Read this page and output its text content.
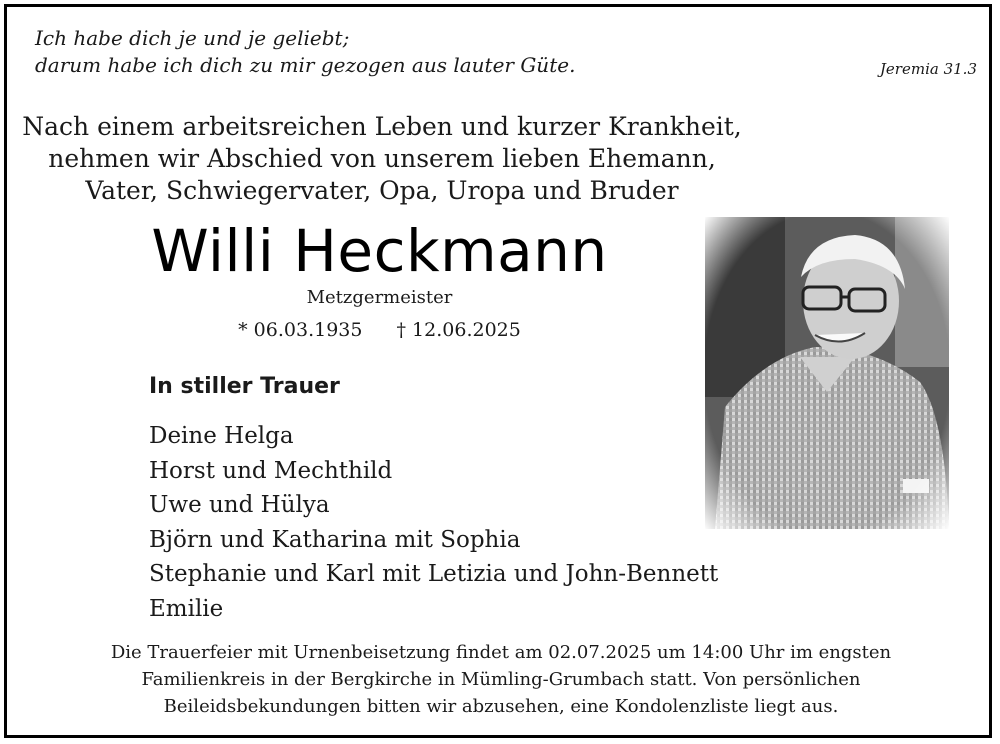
Ich habe dich je und je geliebt;
darum habe ich dich zu mir gezogen aus lauter Güte.	Jeremia 31.3
Nach einem arbeitsreichen Leben und kurzer Krankheit,
nehmen wir Abschied von unserem lieben Ehemann,
Vater, Schwiegervater, Opa, Uropa und Bruder
Willi Heckmann
Metzgermeister
* 06.03.1935 † 12.06.2025
In stiller Trauer
Deine Helga
Horst und Mechthild
Uwe und Hülya
Björn und Katharina mit Sophia
Stephanie und Karl mit Letizia und John-Bennett
Emilie
Die Trauerfeier mit Urnenbeisetzung findet am 02.07.2025 um 14:00 Uhr im engsten
Familienkreis in der Bergkirche in Mümling-Grumbach statt. Von persönlichen
Beileidsbekundungen bitten wir abzusehen, eine Kondolenzliste liegt aus.
